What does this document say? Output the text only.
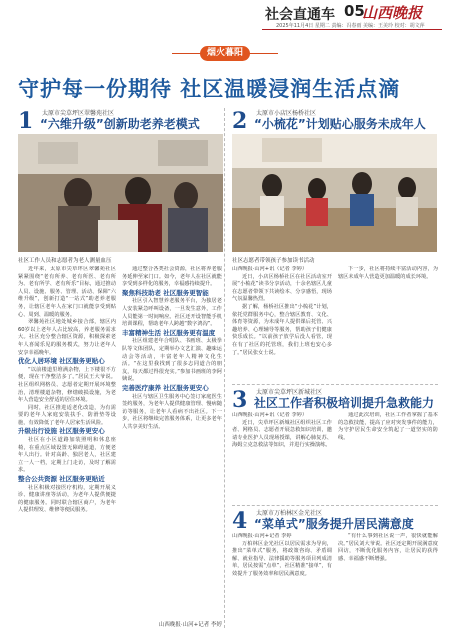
社会直通车 05
山西晚报
2025年11月4日 星期二 责编：冯春雨 美编：王美玲 校对：胡文萍
烟火暮阳
守护每一份期待 社区温暖浸润生活点滴
太原市尖草坪区翠馨苑社区
1 “六维升级”创新助老养老模式
社区工作人员和志愿者为老人测量血压

近年来，太原市尖草坪区翠馨苑社区紧紧围绕“老有所养、老有所医、老有所为、老有所学、老有所乐”目标，通过推动人员、设施、服务、管理、活动、保障“六维升级”，创新打造“一站式”助老养老服务，让辖区老年人在家门口就能享受到贴心、周到、温暖的服务。

翠馨苑社区地处城乡接合部，辖区内60岁以上老年人占比较高，养老服务需求大。社区充分整合辖区资源，积极探索老年人喜闻乐见的服务模式，努力让老年人安享幸福晚年。

优化人居环境 社区服务更贴心

“以前楼道里堆满杂物，上下楼很不方便，现在干净整洁多了。”居民王大爷说。社区组织网格员、志愿者定期开展环境整治，清理楼道杂物，修缮破损设施，为老年人营造安全舒适的居住环境。

同时，社区推进适老化改造，为有需要的老年人家庭安装扶手、防滑垫等设施，有效降低了老年人居家生活风险。

升级出行设施 社区服务更安心

社区在小区道路加装照明和休息座椅，在重点区域设置无障碍通道，方便老年人出行。针对高龄、独居老人，社区建立一人一档，定期上门走访，及时了解需求。

整合公共资源 社区服务更贴近

社区积极对接医疗机构，定期开展义诊、健康讲座等活动，为老年人提供便捷的健康服务。同时联合辖区商户，为老年人提供理发、维修等便民服务。

通过整合各类社会资源，社区将养老服务延伸至家门口。如今，老年人在社区就能享受到多样化的服务，幸福感持续提升。

聚焦科技助老 社区服务更智能

社区引入智慧养老服务平台，为独居老人安装紧急呼叫设备，一旦发生意外，工作人员能第一时间响应。社区还开设智能手机培训课程，帮助老年人跨越“数字鸿沟”。

丰富精神生活 社区服务更有温度

社区组建老年合唱队、书画班、太极拳队等文体团队，定期举办文艺汇演、趣味运动会等活动，丰富老年人精神文化生活。“在这里我找到了很多志同道合的朋友，每天都过得很充实。”参加书画班的李阿姨说。

完善医疗康养 社区服务更安心

社区与辖区卫生服务中心签订家庭医生签约服务，为老年人提供健康管理、慢病随访等服务，让老年人看病不出社区。下一步，社区将继续完善服务体系，让更多老年人共享美好生活。

山西晚报·山河+记者 李婷
太原市小店区杨桥社区
2 “小梳花”计划贴心服务未成年人
社区志愿者带领孩子参加读书活动

山西晚报·山河+讯（记者 李婷）

近日，小店区杨桥社区在社区活动室开展“小梳花”读书分享活动，十余名辖区儿童在志愿者带领下共读绘本、分享感悟，现场气氛温馨热烈。

据了解，杨桥社区推出“小梳花”计划，依托党群服务中心，整合辖区教育、文化、体育等资源，为未成年人提供课后托管、兴趣培养、心理辅导等服务，帮助孩子们健康快乐成长。“以前孩子放学后没人看管，现在有了社区的托管班，我们上班也安心多了。”居民张女士说。

下一步，社区将持续丰富活动内容，为辖区未成年人营造更加温暖的成长环境。

太原市尖草坪区新城社区
3 社区工作者积极培训提升急救能力

山西晚报·山河+讯（记者 李婷）

近日，尖草坪区新城社区组织社区工作者、网格员、志愿者开展急救知识培训，邀请专业医护人员现场授课，讲解心肺复苏、海姆立克急救法等知识，并进行实操演练。

通过此次培训，社区工作者掌握了基本的急救技能，提高了应对突发事件的能力，为守护居民生命安全筑起了一道坚实的防线。

太原市万柏林区金光社区
4 “菜单式”服务提升居民满意度

山西晚报·山河+记者 李婷

万柏林区金光社区以居民需求为导向，推出“菜单式”服务，将政策咨询、矛盾调解、就业指导、法律援助等服务项目列成清单，居民按需“点单”，社区精准“接单”，有效提升了服务效率和居民满意度。

“有什么事到社区说一声，很快就能解决。”居民刘大爷说。社区还定期开展满意度回访，不断优化服务内容，让居民的获得感、幸福感不断增强。
